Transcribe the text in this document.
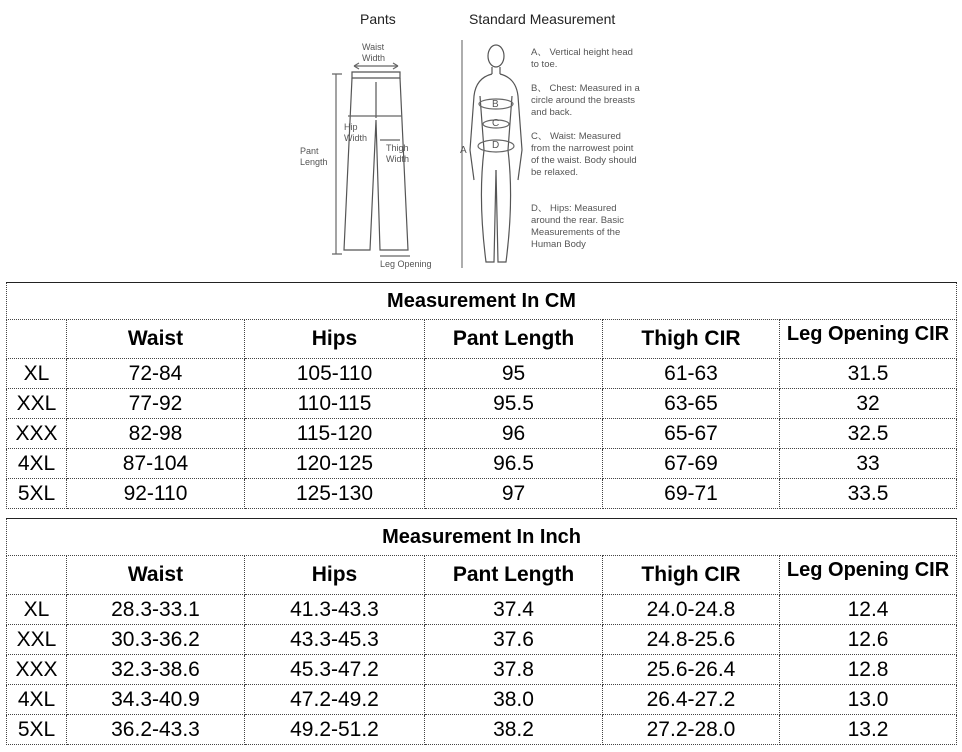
Pants	Standard Measurement
Waist
Width
Hip
Width
Thigh
Width
Pant
Length
Leg Opening
A
B
C
D
A、 Vertical height head to toe.
B、 Chest: Measured in a circle around the breasts and back.
C、 Waist: Measured from the narrowest point of the waist. Body should be relaxed.
D、 Hips: Measured around the rear. Basic Measurements of the Human Body
Measurement In CM					
	Waist	Hips	Pant Length	Thigh CIR	Leg Opening CIR

XL	72-84	105-110	95	61-63	31.5
XXL	77-92	110-115	95.5	63-65	32
XXX	82-98	115-120	96	65-67	32.5
4XL	87-104	120-125	96.5	67-69	33
5XL	92-110	125-130	97	69-71	33.5
Measurement In Inch					
	Waist	Hips	Pant Length	Thigh CIR	Leg Opening CIR

XL	28.3-33.1	41.3-43.3	37.4	24.0-24.8	12.4
XXL	30.3-36.2	43.3-45.3	37.6	24.8-25.6	12.6
XXX	32.3-38.6	45.3-47.2	37.8	25.6-26.4	12.8
4XL	34.3-40.9	47.2-49.2	38.0	26.4-27.2	13.0
5XL	36.2-43.3	49.2-51.2	38.2	27.2-28.0	13.2
